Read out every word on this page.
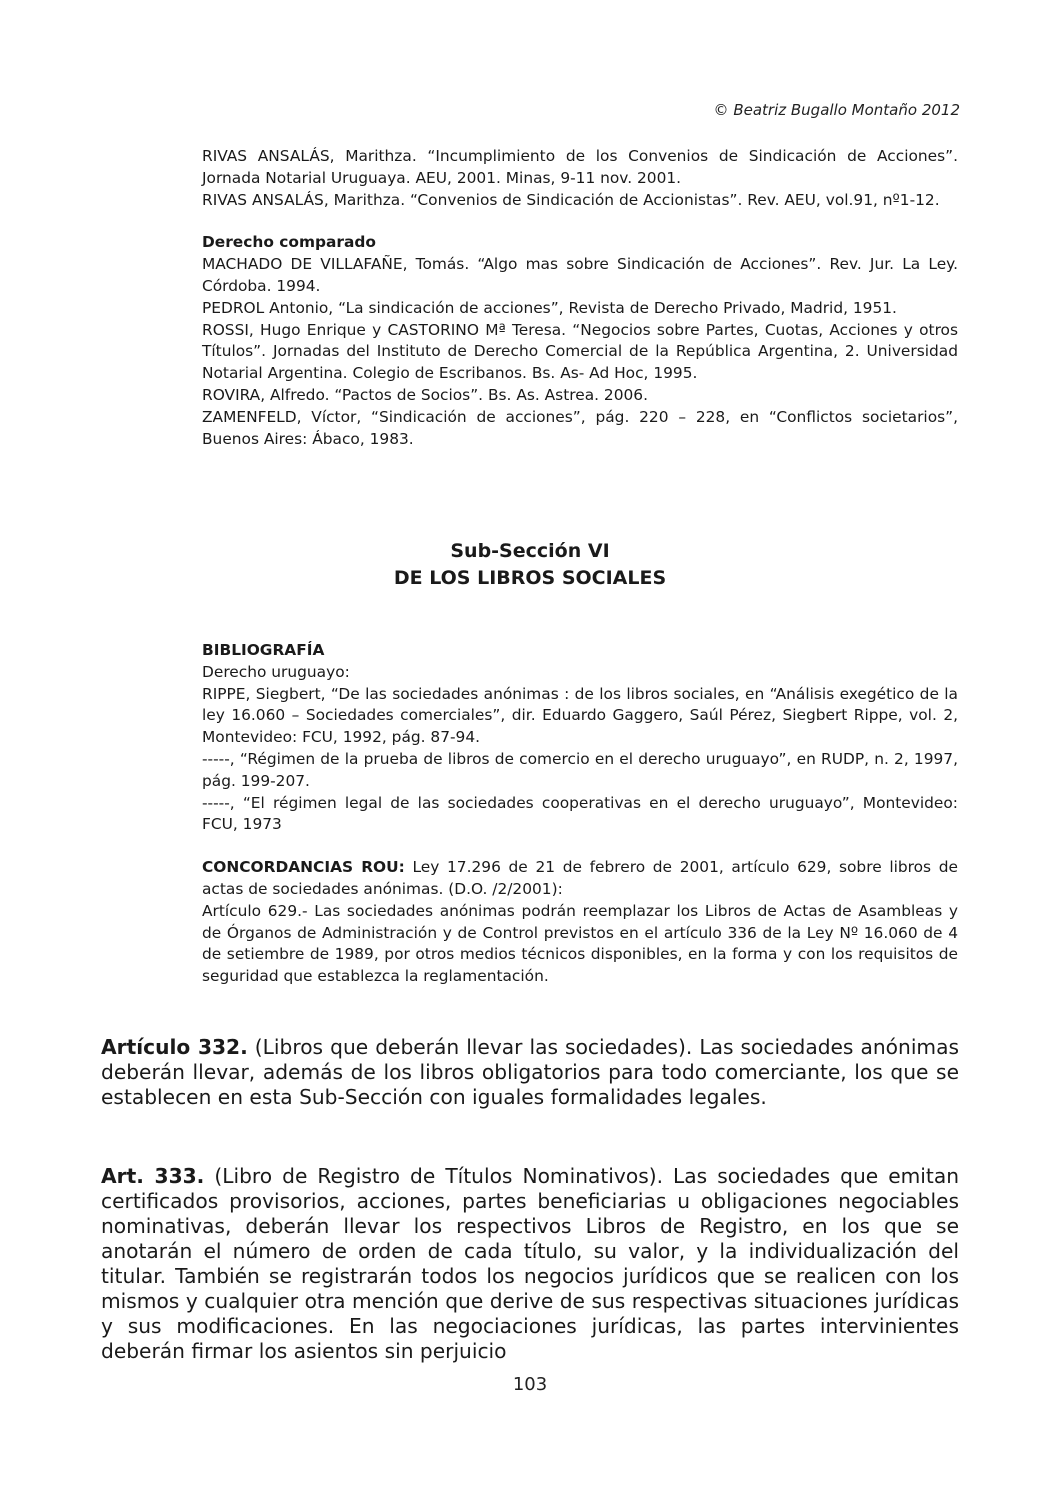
© Beatriz Bugallo Montaño 2012

RIVAS ANSALÁS, Marithza. “Incumplimiento de los Convenios de Sindicación de Acciones”. Jornada Notarial Uruguaya. AEU, 2001. Minas, 9-11 nov. 2001.

RIVAS ANSALÁS, Marithza. “Convenios de Sindicación de Accionistas”. Rev. AEU, vol.91, nº1-12.

Derecho comparado

MACHADO DE VILLAFAÑE, Tomás. “Algo mas sobre Sindicación de Acciones”. Rev. Jur. La Ley. Córdoba. 1994.

PEDROL Antonio, “La sindicación de acciones”, Revista de Derecho Privado, Madrid, 1951.

ROSSI, Hugo Enrique y CASTORINO Mª Teresa. “Negocios sobre Partes, Cuotas, Acciones y otros Títulos”. Jornadas del Instituto de Derecho Comercial de la República Argentina, 2. Universidad Notarial Argentina. Colegio de Escribanos. Bs. As- Ad Hoc, 1995.

ROVIRA, Alfredo. “Pactos de Socios”. Bs. As. Astrea. 2006.

ZAMENFELD, Víctor, “Sindicación de acciones”, pág. 220 – 228, en “Conflictos societarios”, Buenos Aires: Ábaco, 1983.

Sub-Sección VI
DE LOS LIBROS SOCIALES

BIBLIOGRAFÍA

Derecho uruguayo:

RIPPE, Siegbert, “De las sociedades anónimas : de los libros sociales, en “Análisis exegético de la ley 16.060 – Sociedades comerciales”, dir. Eduardo Gaggero, Saúl Pérez, Siegbert Rippe, vol. 2, Montevideo: FCU, 1992, pág. 87-94.

-----, “Régimen de la prueba de libros de comercio en el derecho uruguayo”, en RUDP, n. 2, 1997, pág. 199-207.

-----, “El régimen legal de las sociedades cooperativas en el derecho uruguayo”, Montevideo: FCU, 1973

CONCORDANCIAS ROU: Ley 17.296 de 21 de febrero de 2001, artículo 629, sobre libros de actas de sociedades anónimas. (D.O. /2/2001):

Artículo 629.- Las sociedades anónimas podrán reemplazar los Libros de Actas de Asambleas y de Órganos de Administración y de Control previstos en el artículo 336 de la Ley Nº 16.060 de 4 de setiembre de 1989, por otros medios técnicos disponibles, en la forma y con los requisitos de seguridad que establezca la reglamentación.

Artículo 332. (Libros que deberán llevar las sociedades). Las sociedades anónimas deberán llevar, además de los libros obligatorios para todo comerciante, los que se establecen en esta Sub-Sección con iguales formalidades legales.

Art. 333. (Libro de Registro de Títulos Nominativos). Las sociedades que emitan certificados provisorios, acciones, partes beneficiarias u obligaciones negociables nominativas, deberán llevar los respectivos Libros de Registro, en los que se anotarán el número de orden de cada título, su valor, y la individualización del titular. También se registrarán todos los negocios jurídicos que se realicen con los mismos y cualquier otra mención que derive de sus respectivas situaciones jurídicas y sus modificaciones. En las negociaciones jurídicas, las partes intervinientes deberán firmar los asientos sin perjuicio

103
